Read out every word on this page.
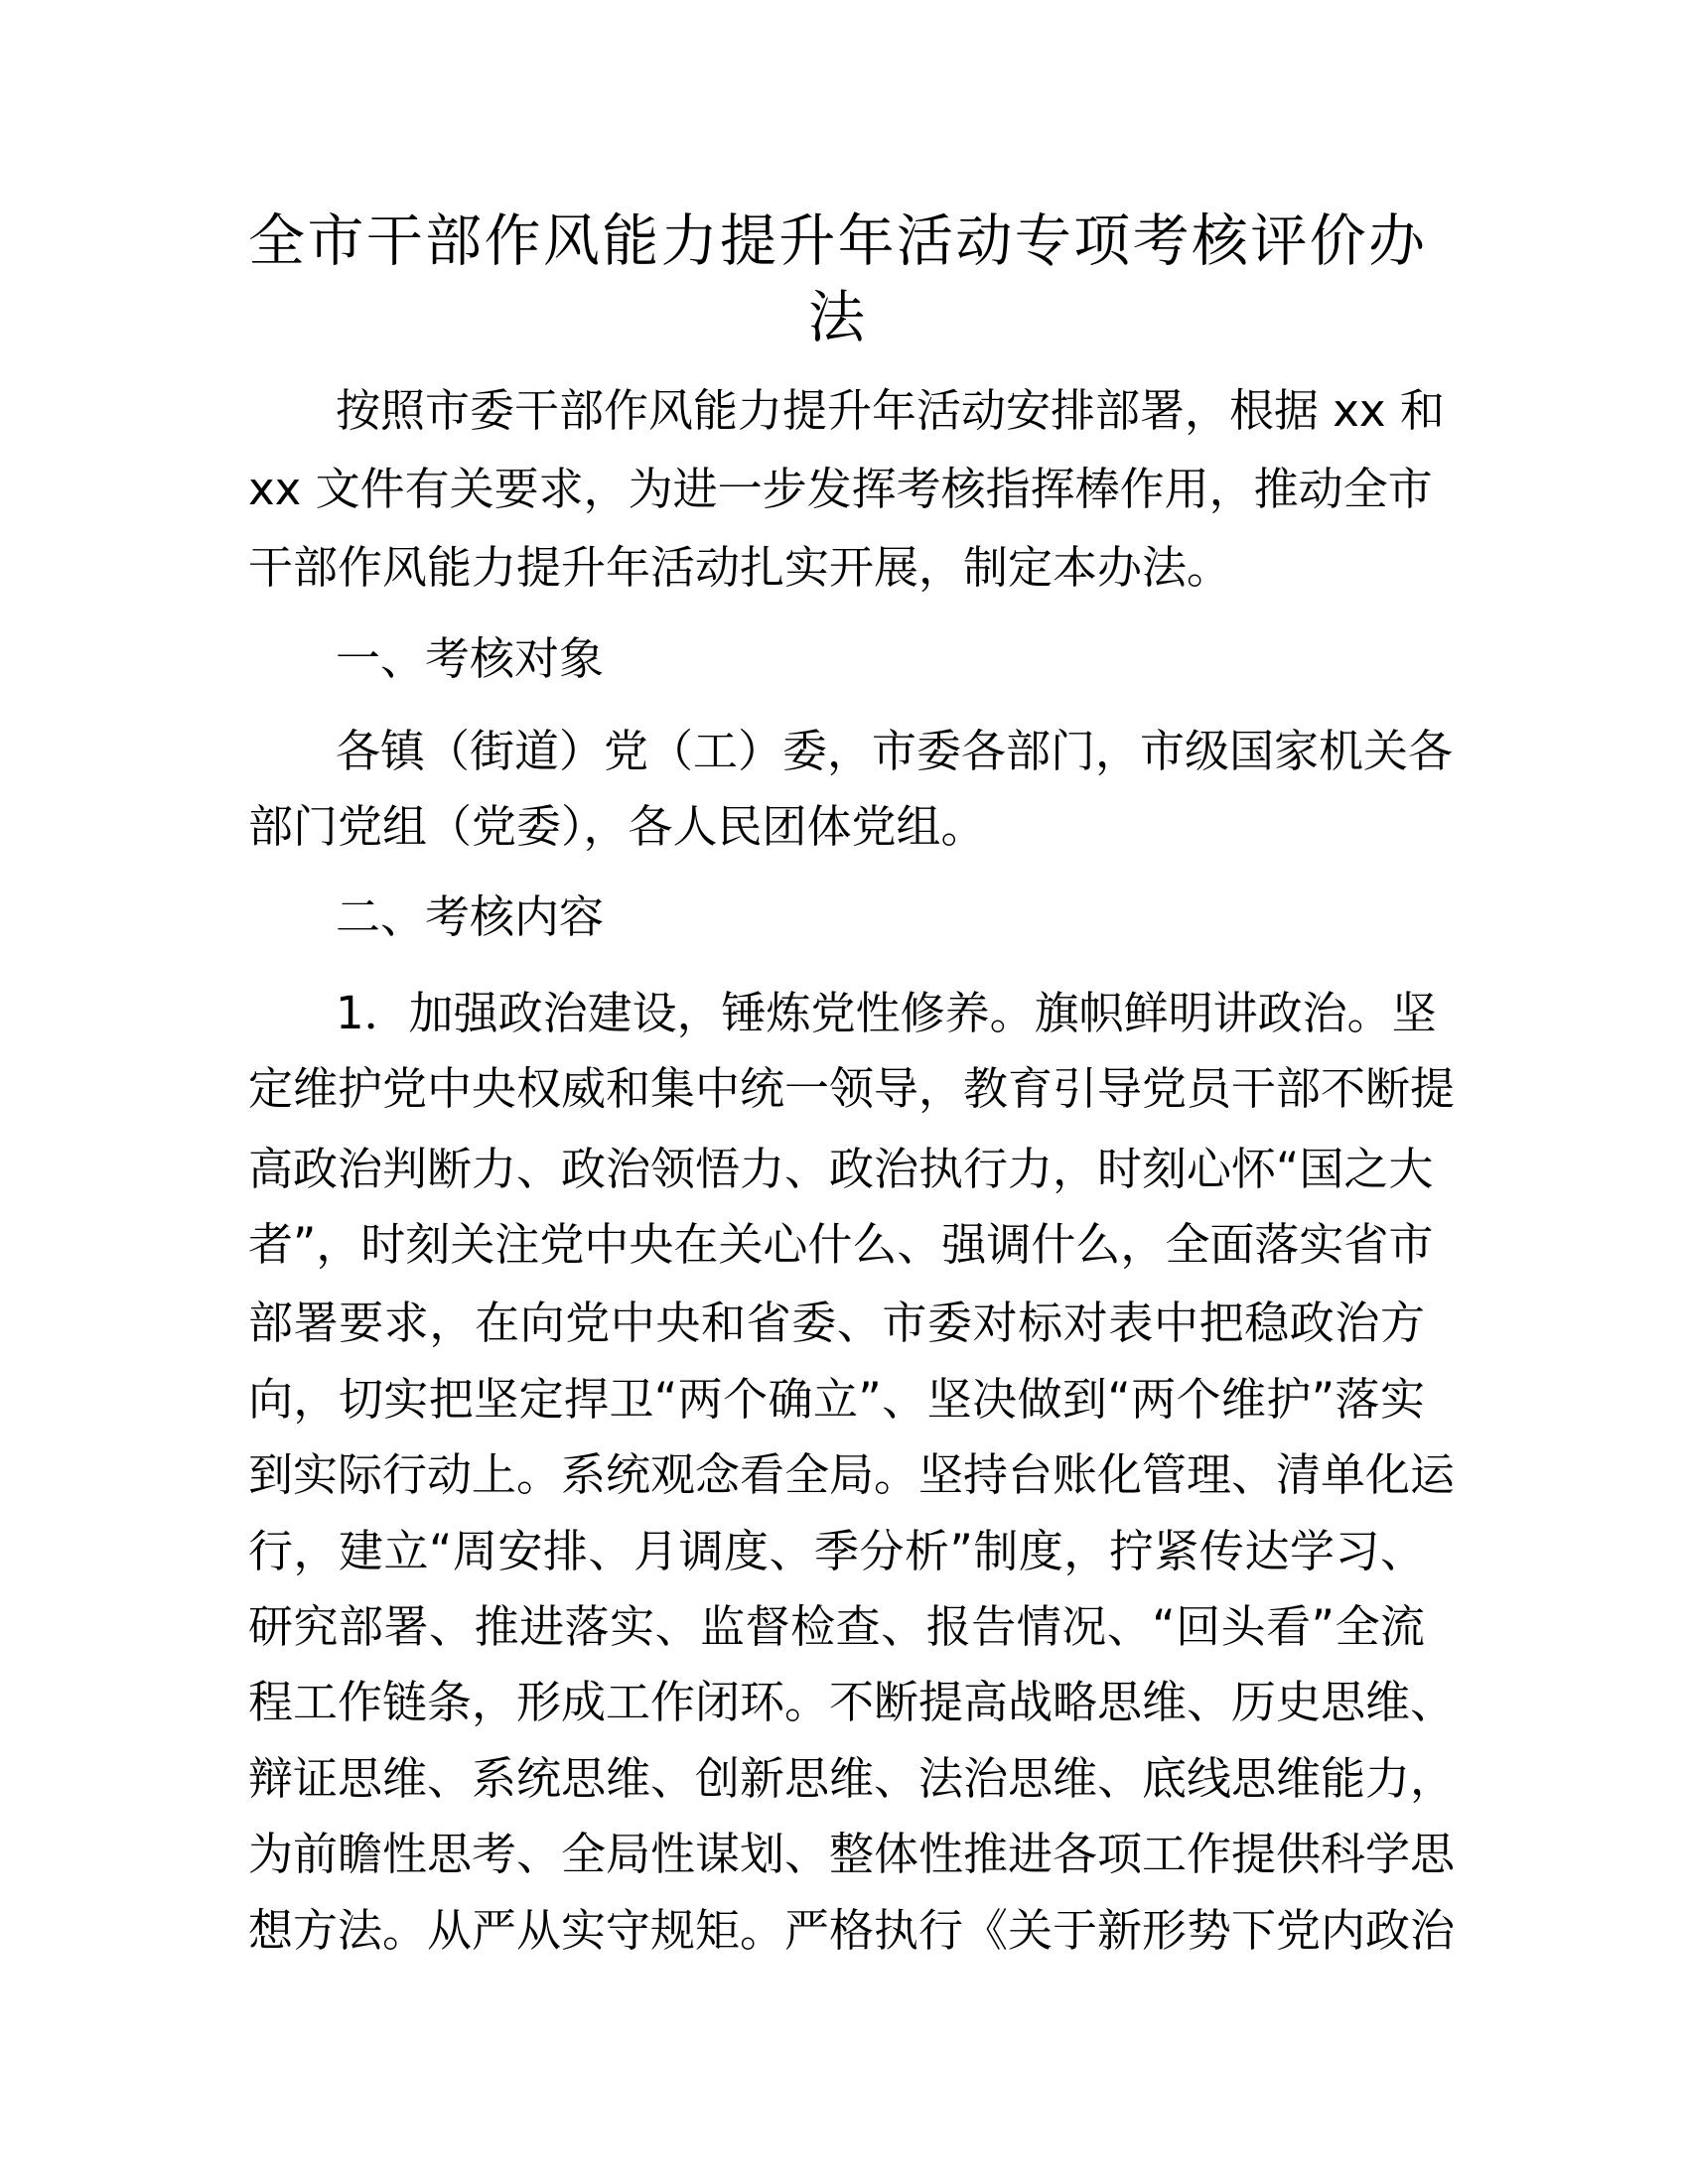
全市干部作风能力提升年活动专项考核评价办
法
按照市委干部作风能力提升年活动安排部署，根据 xx 和
xx 文件有关要求，为进一步发挥考核指挥棒作用，推动全市
干部作风能力提升年活动扎实开展，制定本办法。
一、考核对象
各镇（街道）党（工）委，市委各部门，市级国家机关各
部门党组（党委），各人民团体党组。
二、考核内容
1．加强政治建设，锤炼党性修养。旗帜鲜明讲政治。坚
定维护党中央权威和集中统一领导，教育引导党员干部不断提
高政治判断力、政治领悟力、政治执行力，时刻心怀“国之大
者”，时刻关注党中央在关心什么、强调什么，全面落实省市
部署要求，在向党中央和省委、市委对标对表中把稳政治方
向，切实把坚定捍卫“两个确立”、坚决做到“两个维护”落实
到实际行动上。系统观念看全局。坚持台账化管理、清单化运
行，建立“周安排、月调度、季分析”制度，拧紧传达学习、
研究部署、推进落实、监督检查、报告情况、“回头看”全流
程工作链条，形成工作闭环。不断提高战略思维、历史思维、
辩证思维、系统思维、创新思维、法治思维、底线思维能力，
为前瞻性思考、全局性谋划、整体性推进各项工作提供科学思
想方法。从严从实守规矩。严格执行《关于新形势下党内政治
